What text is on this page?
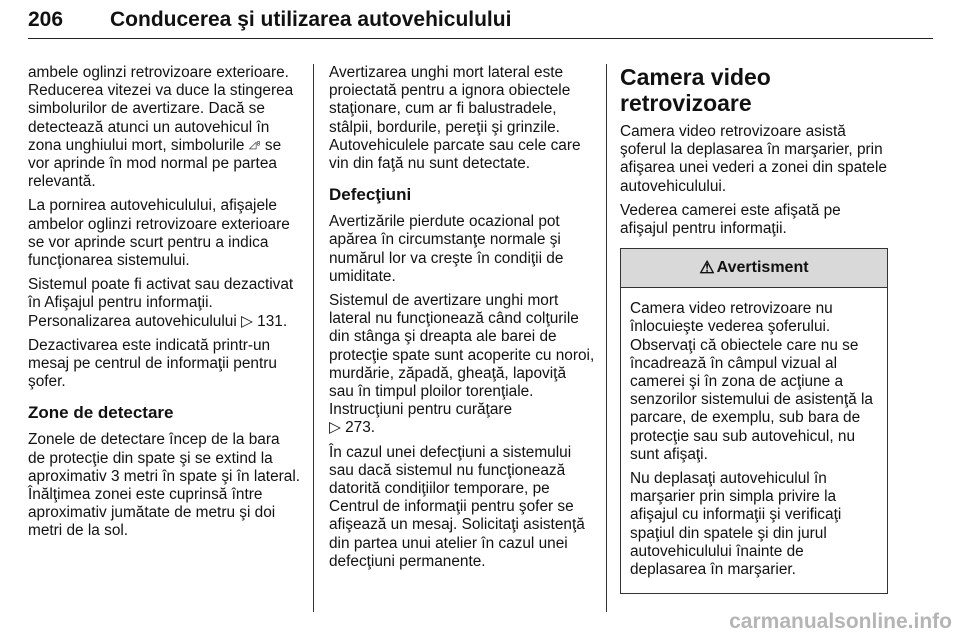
206	Conducerea şi utilizarea autovehiculului

ambele oglinzi retrovizoare exterioare. Reducerea vitezei va duce la stingerea simbolurilor de avertizare. Dacă se detectează atunci un autovehicul în zona unghiului mort, simbolurile ◿⁸ se vor aprinde în mod normal pe partea relevantă.

La pornirea autovehiculului, afişajele ambelor oglinzi retrovizoare exterioare se vor aprinde scurt pentru a indica funcţionarea sistemului.

Sistemul poate fi activat sau dezactivat în Afişajul pentru informaţii. Personalizarea autovehiculului ▷ 131.

Dezactivarea este indicată printr-un mesaj pe centrul de informaţii pentru şofer.

Zone de detectare

Zonele de detectare încep de la bara de protecţie din spate şi se extind la aproximativ 3 metri în spate şi în lateral. Înălţimea zonei este cuprinsă între aproximativ jumătate de metru şi doi metri de la sol.

Avertizarea unghi mort lateral este proiectată pentru a ignora obiectele staţionare, cum ar fi balustradele, stâlpii, bordurile, pereţii şi grinzile. Autovehiculele parcate sau cele care vin din faţă nu sunt detectate.

Defecţiuni

Avertizările pierdute ocazional pot apărea în circumstanţe normale şi numărul lor va creşte în condiţii de umiditate.

Sistemul de avertizare unghi mort lateral nu funcţionează când colţurile din stânga şi dreapta ale barei de protecţie spate sunt acoperite cu noroi, murdărie, zăpadă, gheaţă, lapoviţă sau în timpul ploilor torenţiale. Instrucţiuni pentru curăţare
▷ 273.

În cazul unei defecţiuni a sistemului sau dacă sistemul nu funcţionează datorită condiţiilor temporare, pe Centrul de informaţii pentru şofer se afişează un mesaj. Solicitaţi asistenţă din partea unui atelier în cazul unei defecţiuni permanente.

Camera video retrovizoare

Camera video retrovizoare asistă şoferul la deplasarea în marşarier, prin afişarea unei vederi a zonei din spatele autovehiculului.

Vederea camerei este afişată pe afişajul pentru informaţii.

⚠ Avertisment

Camera video retrovizoare nu înlocuieşte vederea şoferului. Observaţi că obiectele care nu se încadrează în câmpul vizual al camerei şi în zona de acţiune a senzorilor sistemului de asistenţă la parcare, de exemplu, sub bara de protecţie sau sub autovehicul, nu sunt afişaţi.

Nu deplasaţi autovehiculul în marşarier prin simpla privire la afişajul cu informaţii şi verificaţi spaţiul din spatele şi din jurul autovehiculului înainte de deplasarea în marşarier.

carmanualsonline.info
